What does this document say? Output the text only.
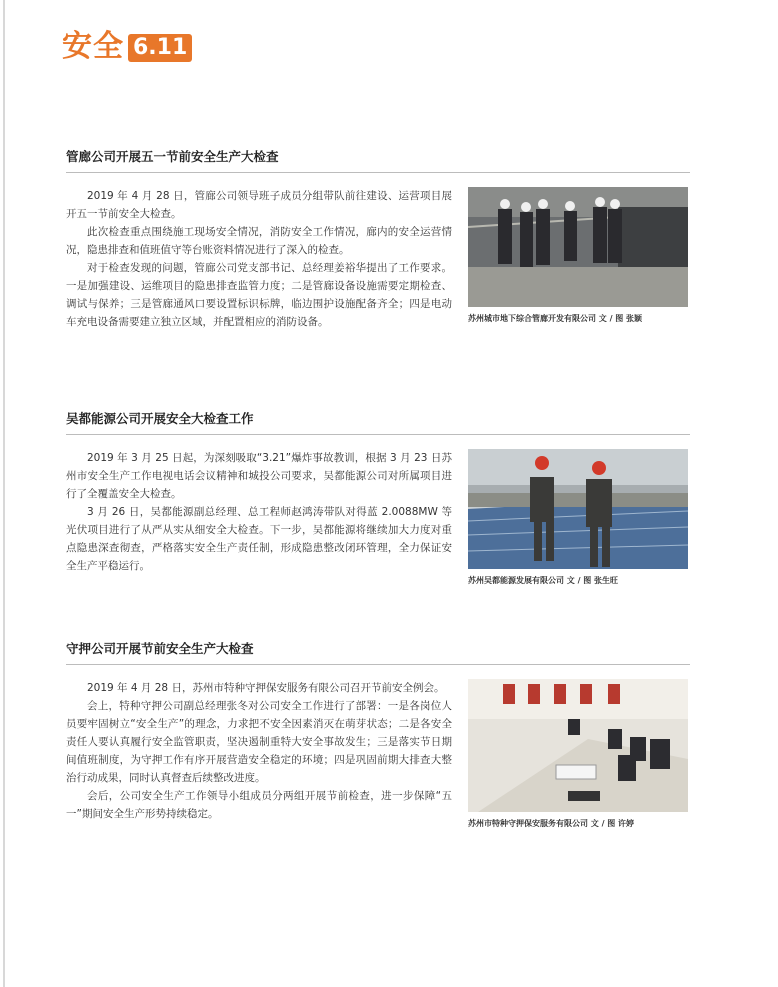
安全 6.11
管廊公司开展五一节前安全生产大检查

2019 年 4 月 28 日，管廊公司领导班子成员分组带队前往建设、运营项目展开五一节前安全大检查。

此次检查重点围绕施工现场安全情况，消防安全工作情况，廊内的安全运营情况，隐患排查和值班值守等台账资料情况进行了深入的检查。

对于检查发现的问题，管廊公司党支部书记、总经理姜裕华提出了工作要求。一是加强建设、运维项目的隐患排查监管力度；二是管廊设备设施需要定期检查、调试与保养；三是管廊通风口要设置标识标牌，临边围护设施配备齐全；四是电动车充电设备需要建立独立区域，并配置相应的消防设备。	苏州城市地下综合管廊开发有限公司 文 / 图 张颖
吴都能源公司开展安全大检查工作

2019 年 3 月 25 日起，为深刻吸取“3.21”爆炸事故教训，根据 3 月 23 日苏州市安全生产工作电视电话会议精神和城投公司要求，吴都能源公司对所属项目进行了全覆盖安全大检查。

3 月 26 日，吴都能源副总经理、总工程师赵鸿涛带队对得蓝 2.0088MW 等光伏项目进行了从严从实从细安全大检查。下一步，吴都能源将继续加大力度对重点隐患深查彻查，严格落实安全生产责任制，形成隐患整改闭环管理，全力保证安全生产平稳运行。

苏州吴都能源发展有限公司 文 / 图 张生旺
守押公司开展节前安全生产大检查

2019 年 4 月 28 日，苏州市特种守押保安服务有限公司召开节前安全例会。

会上，特种守押公司副总经理张冬对公司安全工作进行了部署：一是各岗位人员要牢固树立“安全生产”的理念，力求把不安全因素消灭在萌芽状态；二是各安全责任人要认真履行安全监管职责，坚决遏制重特大安全事故发生；三是落实节日期间值班制度，为守押工作有序开展营造安全稳定的环境；四是巩固前期大排查大整治行动成果，同时认真督查后续整改进度。

会后，公司安全生产工作领导小组成员分两组开展节前检查，进一步保障“五一”期间安全生产形势持续稳定。

苏州市特种守押保安服务有限公司 文 / 图 许婷
